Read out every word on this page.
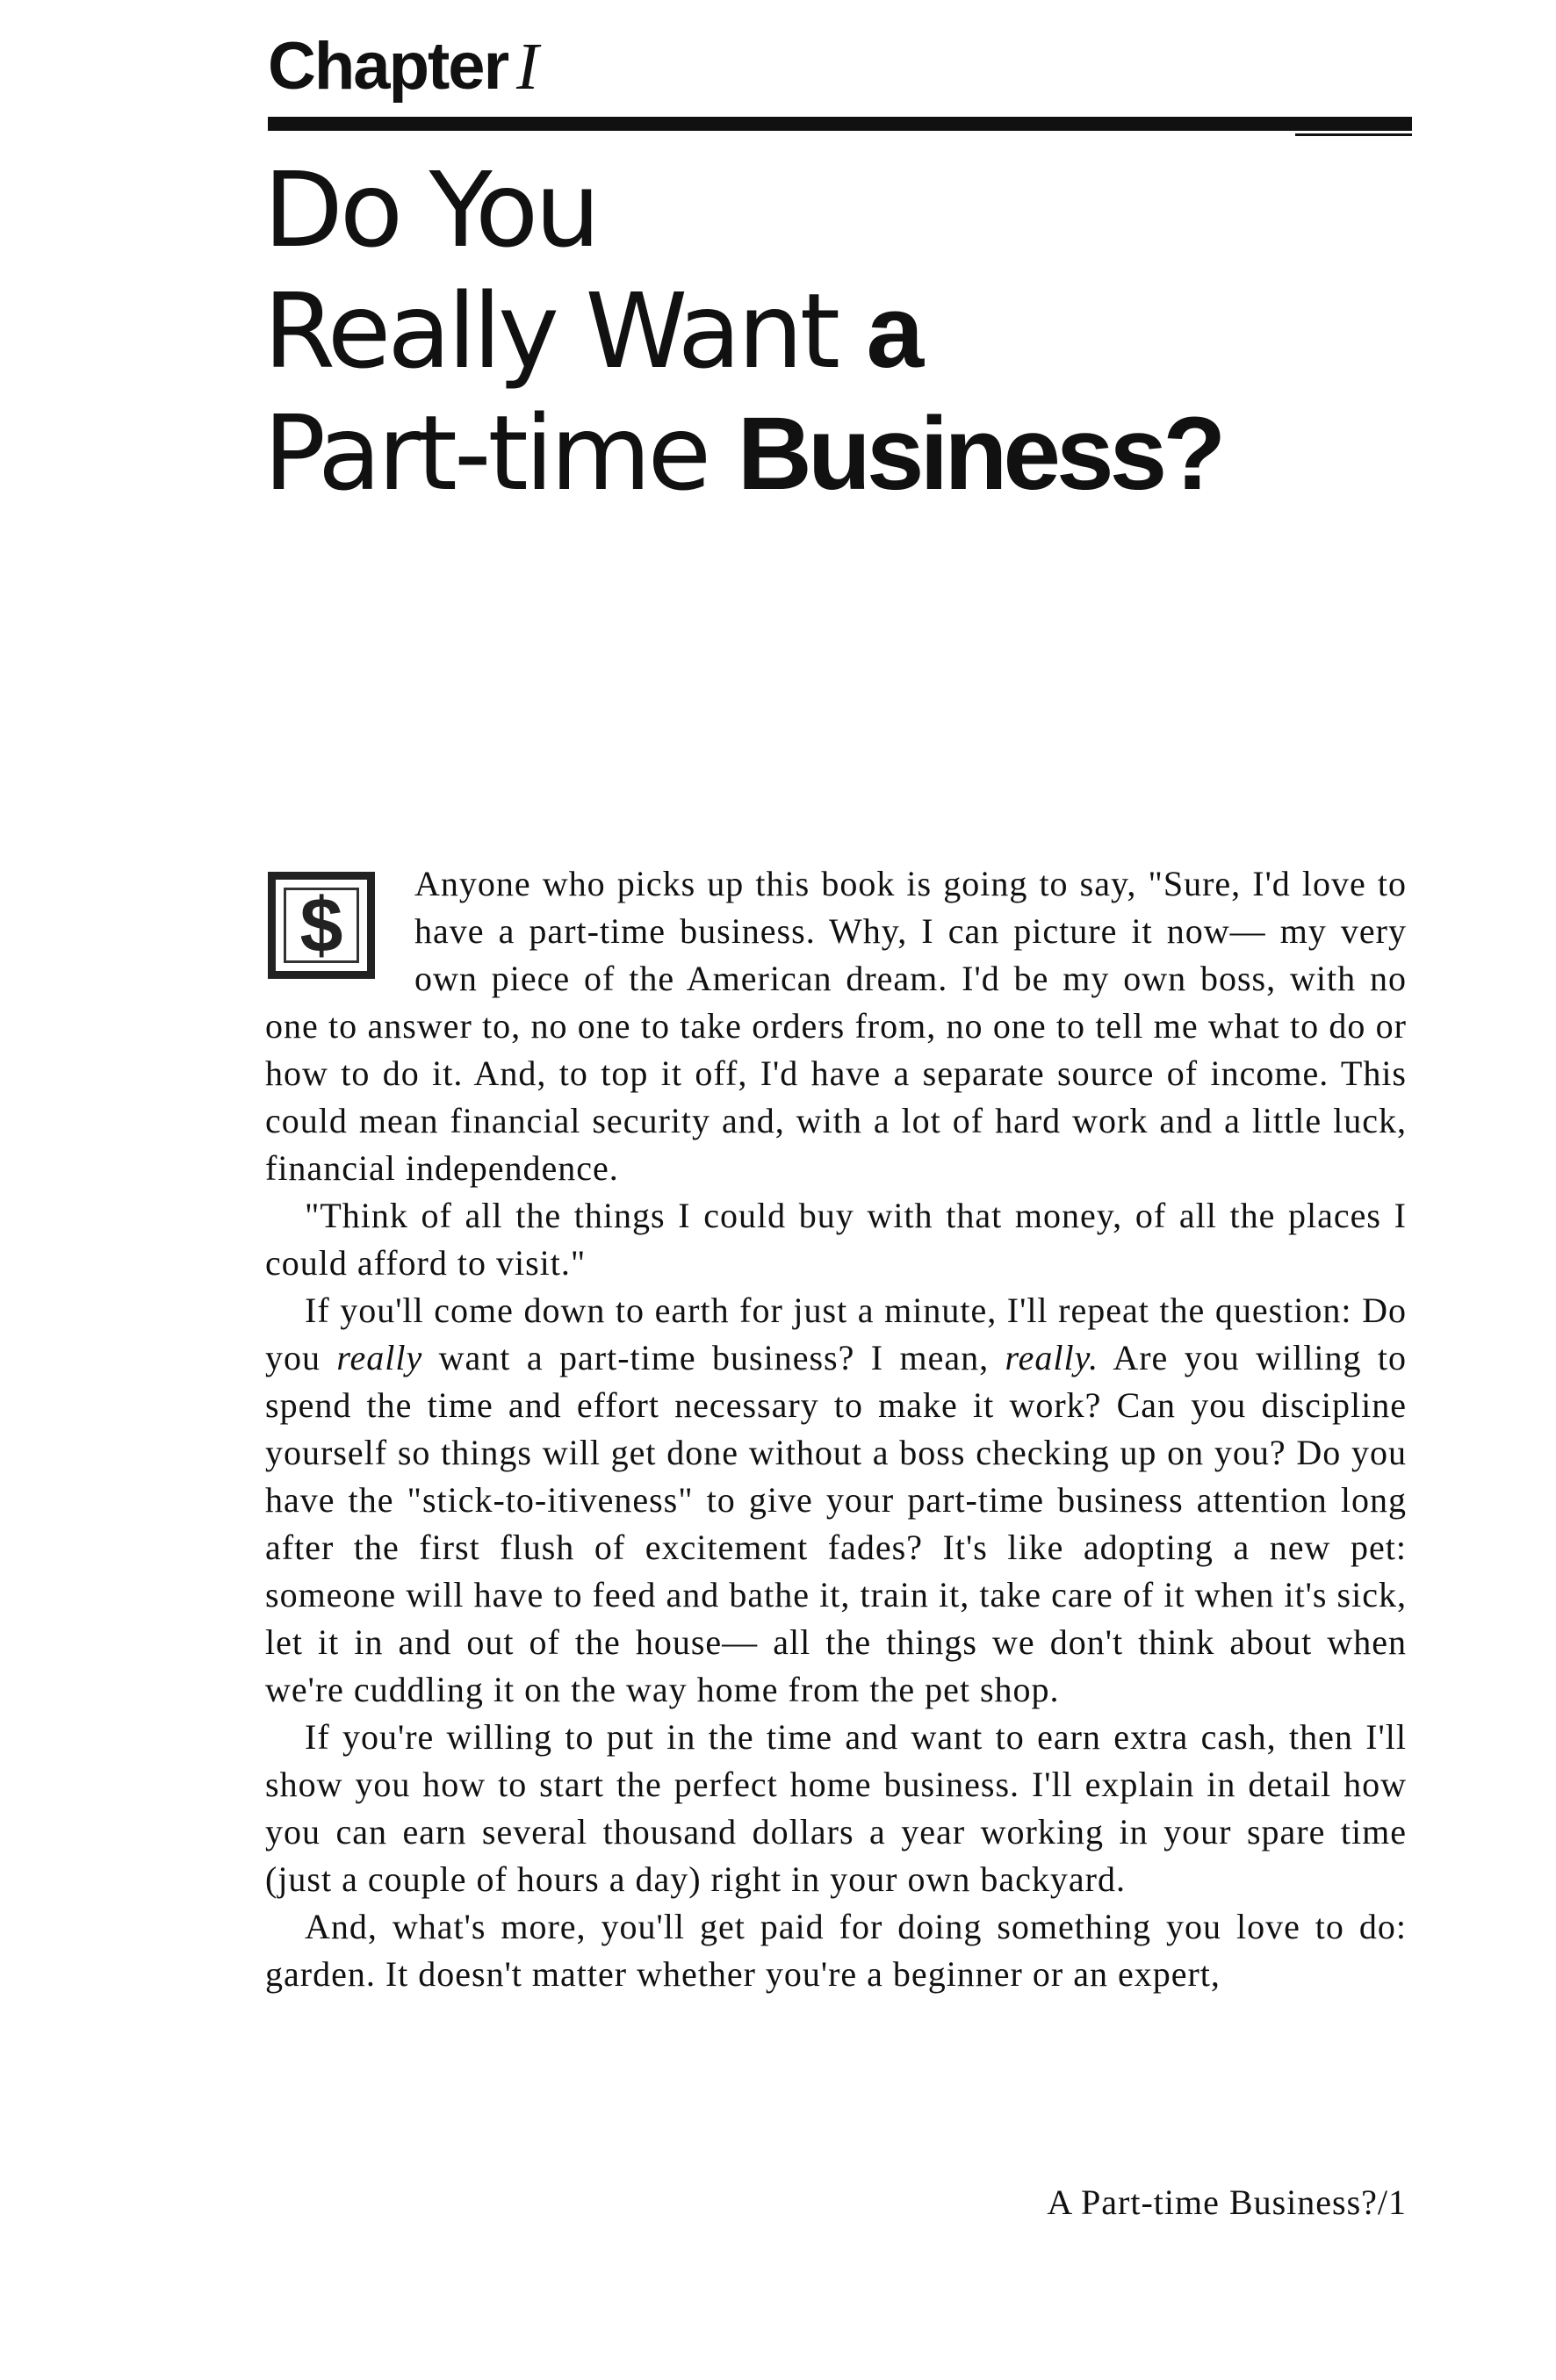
Chapter I
Do You
Really Want a
Part-time Business?
$	Anyone who picks up this book is going to say, "Sure, I'd love to have a part-time business. Why, I can picture it now— my very own piece of the American dream. I'd be my own boss, with no one to answer to, no one to take orders from, no one to tell me what to do or how to do it. And, to top it off, I'd have a separate source of income. This could mean financial security and, with a lot of hard work and a little luck, financial independence.

"Think of all the things I could buy with that money, of all the places I could afford to visit."

If you'll come down to earth for just a minute, I'll repeat the question: Do you really want a part-time business? I mean, really. Are you willing to spend the time and effort necessary to make it work? Can you discipline yourself so things will get done without a boss checking up on you? Do you have the "stick-to-itiveness" to give your part-time business attention long after the first flush of excitement fades? It's like adopting a new pet: someone will have to feed and bathe it, train it, take care of it when it's sick, let it in and out of the house— all the things we don't think about when we're cuddling it on the way home from the pet shop.

If you're willing to put in the time and want to earn extra cash, then I'll show you how to start the perfect home business. I'll explain in detail how you can earn several thousand dollars a year working in your spare time (just a couple of hours a day) right in your own backyard.

And, what's more, you'll get paid for doing something you love to do: garden. It doesn't matter whether you're a beginner or an expert,

A Part-time Business?/1
